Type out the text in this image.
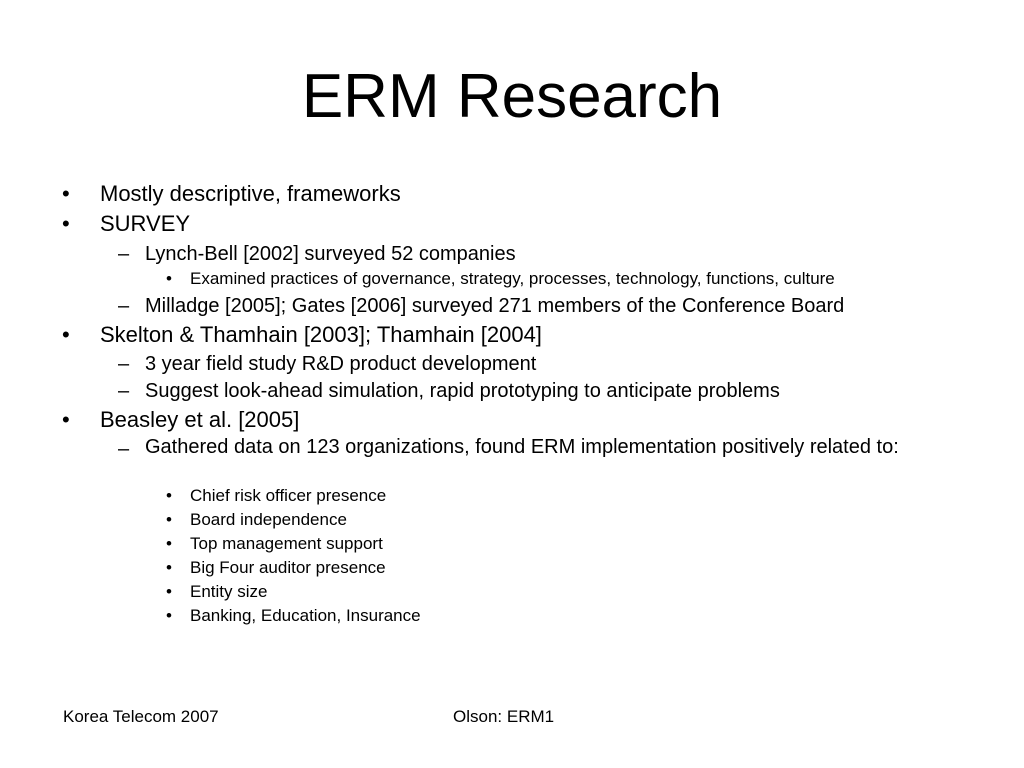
ERM Research
• Mostly descriptive, frameworks
• SURVEY
– Lynch-Bell [2002] surveyed 52 companies
• Examined practices of governance, strategy, processes, technology, functions, culture
– Milladge [2005]; Gates [2006] surveyed 271 members of the Conference Board
• Skelton & Thamhain [2003]; Thamhain [2004]
– 3 year field study R&D product development
– Suggest look-ahead simulation, rapid prototyping to anticipate problems
• Beasley et al. [2005]
– Gathered data on 123 organizations, found ERM implementation positively related to:
• Chief risk officer presence
• Board independence
• Top management support
• Big Four auditor presence
• Entity size
• Banking, Education, Insurance
Korea Telecom 2007	Olson: ERM1
